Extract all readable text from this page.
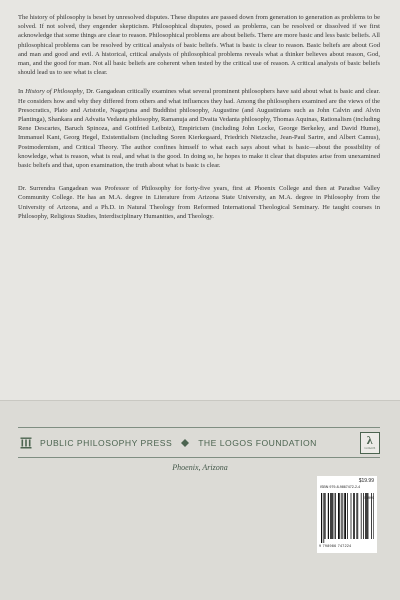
The history of philosophy is beset by unresolved disputes. These disputes are passed down from generation to generation as problems to be solved. If not solved, they engender skepticism. Philosophical disputes, posed as problems, can be resolved or dissolved if we first acknowledge that some things are clear to reason. Philosophical problems are about beliefs. There are more basic and less basic beliefs. All philosophical problems can be resolved by critical analysis of basic beliefs. What is basic is clear to reason. Basic beliefs are about God and man and good and evil. A historical, critical analysis of philosophical problems reveals what a thinker believes about reason, God, man, and the good for man. Not all basic beliefs are coherent when tested by the critical use of reason. A critical analysis of basic beliefs should lead us to see what is clear.

In History of Philosophy, Dr. Gangadean critically examines what several prominent philosophers have said about what is basic and clear. He considers how and why they differed from others and what influences they had. Among the philosophers examined are the views of the Presocratics, Plato and Aristotle, Nagarjuna and Buddhist philosophy, Augustine (and Augustinians such as John Calvin and Alvin Plantinga), Shankara and Advaita Vedanta philosophy, Ramanuja and Dvaita Vedanta philosophy, Thomas Aquinas, Rationalism (including Rene Descartes, Baruch Spinoza, and Gottfried Leibniz), Empiricism (including John Locke, George Berkeley, and David Hume), Immanuel Kant, Georg Hegel, Existentialism (including Soren Kierkegaard, Friedrich Nietzsche, Jean-Paul Sartre, and Albert Camus), Postmodernism, and Critical Theory. The author confines himself to what each says about what is basic—about the possibility of knowledge, what is reason, what is real, and what is the good. In doing so, he hopes to make it clear that disputes arise from unexamined basic beliefs and that, upon examination, the truth about what is basic is clear.

Dr. Surrendra Gangadean was Professor of Philosophy for forty-five years, first at Phoenix College and then at Paradise Valley Community College. He has an M.A. degree in Literature from Arizona State University, an M.A. degree in Philosophy from the University of Arizona, and a Ph.D. in Natural Theology from Reformed International Theological Seminary. He taught courses in Philosophy, Religious Studies, Interdisciplinary Humanities, and Theology.

PUBLIC PHILOSOPHY PRESS	THE LOGOS FOUNDATION	λ
LOGOS
Phoenix, Arizona
$19.99
ISBN 979-8-9867472-2-4
51999
9 798986 747224
